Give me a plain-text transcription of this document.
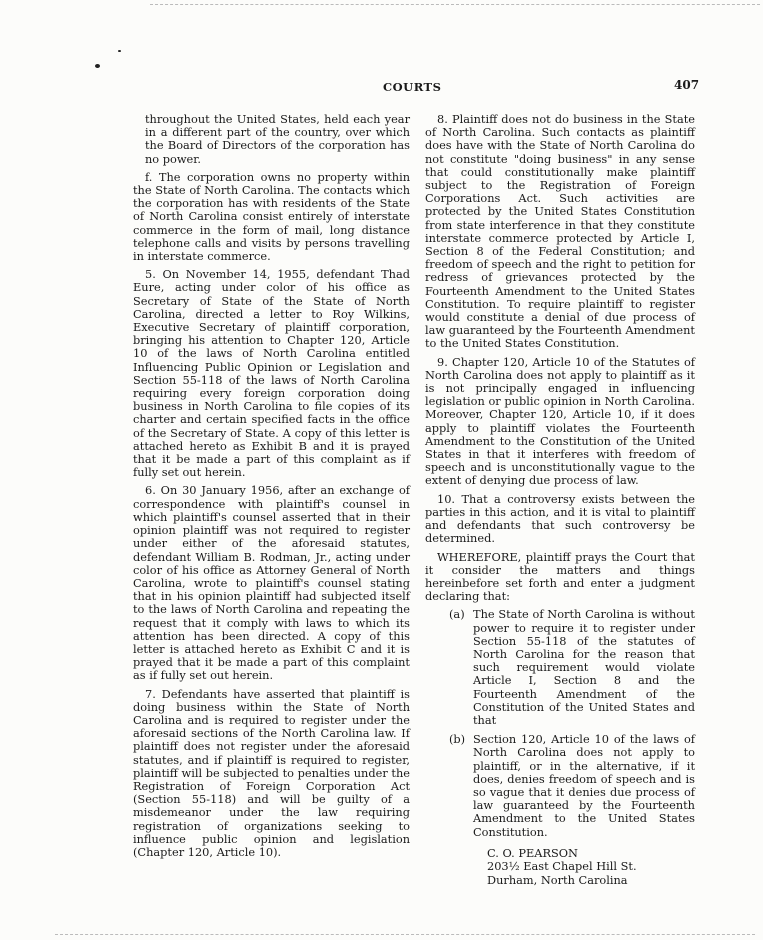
COURTS	407

throughout the United States, held each year in a different part of the country, over which the Board of Directors of the corporation has no power.

f. The corporation owns no property within the State of North Carolina. The contacts which the corporation has with residents of the State of North Carolina consist entirely of interstate commerce in the form of mail, long distance telephone calls and visits by persons travelling in interstate commerce.

5. On November 14, 1955, defendant Thad Eure, acting under color of his office as Secretary of State of the State of North Carolina, directed a letter to Roy Wilkins, Executive Secretary of plaintiff corporation, bringing his attention to Chapter 120, Article 10 of the laws of North Carolina entitled Influencing Public Opinion or Legislation and Section 55-118 of the laws of North Carolina requiring every foreign corporation doing business in North Carolina to file copies of its charter and certain specified facts in the office of the Secretary of State. A copy of this letter is attached hereto as Exhibit B and it is prayed that it be made a part of this complaint as if fully set out herein.

6. On 30 January 1956, after an exchange of correspondence with plaintiff's counsel in which plaintiff's counsel asserted that in their opinion plaintiff was not required to register under either of the aforesaid statutes, defendant William B. Rodman, Jr., acting under color of his office as Attorney General of North Carolina, wrote to plaintiff's counsel stating that in his opinion plaintiff had subjected itself to the laws of North Carolina and repeating the request that it comply with laws to which its attention has been directed. A copy of this letter is attached hereto as Exhibit C and it is prayed that it be made a part of this complaint as if fully set out herein.

7. Defendants have asserted that plaintiff is doing business within the State of North Carolina and is required to register under the aforesaid sections of the North Carolina law. If plaintiff does not register under the aforesaid statutes, and if plaintiff is required to register, plaintiff will be subjected to penalties under the Registration of Foreign Corporation Act (Section 55-118) and will be guilty of a misdemeanor under the law requiring registration of organizations seeking to influence public opinion and legislation (Chapter 120, Article 10).

8. Plaintiff does not do business in the State of North Carolina. Such contacts as plaintiff does have with the State of North Carolina do not constitute "doing business" in any sense that could constitutionally make plaintiff subject to the Registration of Foreign Corporations Act. Such activities are protected by the United States Constitution from state interference in that they constitute interstate commerce protected by Article I, Section 8 of the Federal Constitution; and freedom of speech and the right to petition for redress of grievances protected by the Fourteenth Amendment to the United States Constitution. To require plaintiff to register would constitute a denial of due process of law guaranteed by the Fourteenth Amendment to the United States Constitution.

9. Chapter 120, Article 10 of the Statutes of North Carolina does not apply to plaintiff as it is not principally engaged in influencing legislation or public opinion in North Carolina. Moreover, Chapter 120, Article 10, if it does apply to plaintiff violates the Fourteenth Amendment to the Constitution of the United States in that it interferes with freedom of speech and is unconstitutionally vague to the extent of denying due process of law.

10. That a controversy exists between the parties in this action, and it is vital to plaintiff and defendants that such controversy be determined.

WHEREFORE, plaintiff prays the Court that it consider the matters and things hereinbefore set forth and enter a judgment declaring that:

(a) The State of North Carolina is without power to require it to register under Section 55-118 of the statutes of North Carolina for the reason that such requirement would violate Article I, Section 8 and the Fourteenth Amendment of the Constitution of the United States and that
(b) Section 120, Article 10 of the laws of North Carolina does not apply to plaintiff, or in the alternative, if it does, denies freedom of speech and is so vague that it denies due process of law guaranteed by the Fourteenth Amendment to the United States Constitution.
C. O. PEARSON
203½ East Chapel Hill St.
Durham, North Carolina
